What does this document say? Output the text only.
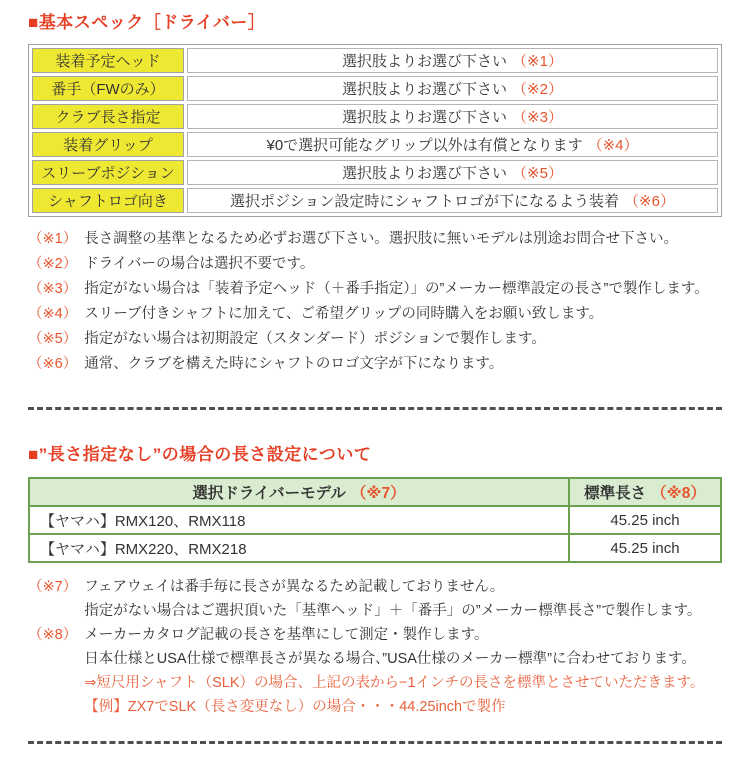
■基本スペック［ドライバー］
装着予定ヘッド	選択肢よりお選び下さい （※1）
番手（FWのみ）	選択肢よりお選び下さい （※2）
クラブ長さ指定	選択肢よりお選び下さい （※3）
装着グリップ	¥0で選択可能なグリップ以外は有償となります （※4）
スリーブポジション	選択肢よりお選び下さい （※5）
シャフトロゴ向き	選択ポジション設定時にシャフトロゴが下になるよう装着 （※6）
（※1） 長さ調整の基準となるため必ずお選び下さい。選択肢に無いモデルは別途お問合せ下さい。
（※2） ドライバーの場合は選択不要です。
（※3） 指定がない場合は「装着予定ヘッド（＋番手指定）」の”メーカー標準設定の長さ”で製作します。
（※4） スリーブ付きシャフトに加えて、ご希望グリップの同時購入をお願い致します。
（※5） 指定がない場合は初期設定（スタンダード）ポジションで製作します。
（※6） 通常、クラブを構えた時にシャフトのロゴ文字が下になります。
■”長さ指定なし”の場合の長さ設定について
選択ドライバーモデル （※7）	標準長さ （※8）
【ヤマハ】RMX120、RMX118	45.25 inch
【ヤマハ】RMX220、RMX218	45.25 inch
（※7） フェアウェイは番手毎に長さが異なるため記載しておりません。
指定がない場合はご選択頂いた「基準ヘッド」＋「番手」の”メーカー標準長さ”で製作します。
（※8） メーカーカタログ記載の長さを基準にして測定・製作します。
日本仕様とUSA仕様で標準長さが異なる場合、”USA仕様のメーカー標準”に合わせております。
⇒短尺用シャフト（SLK）の場合、上記の表から−1インチの長さを標準とさせていただきます。
【例】ZX7でSLK（長さ変更なし）の場合・・・44.25inchで製作
